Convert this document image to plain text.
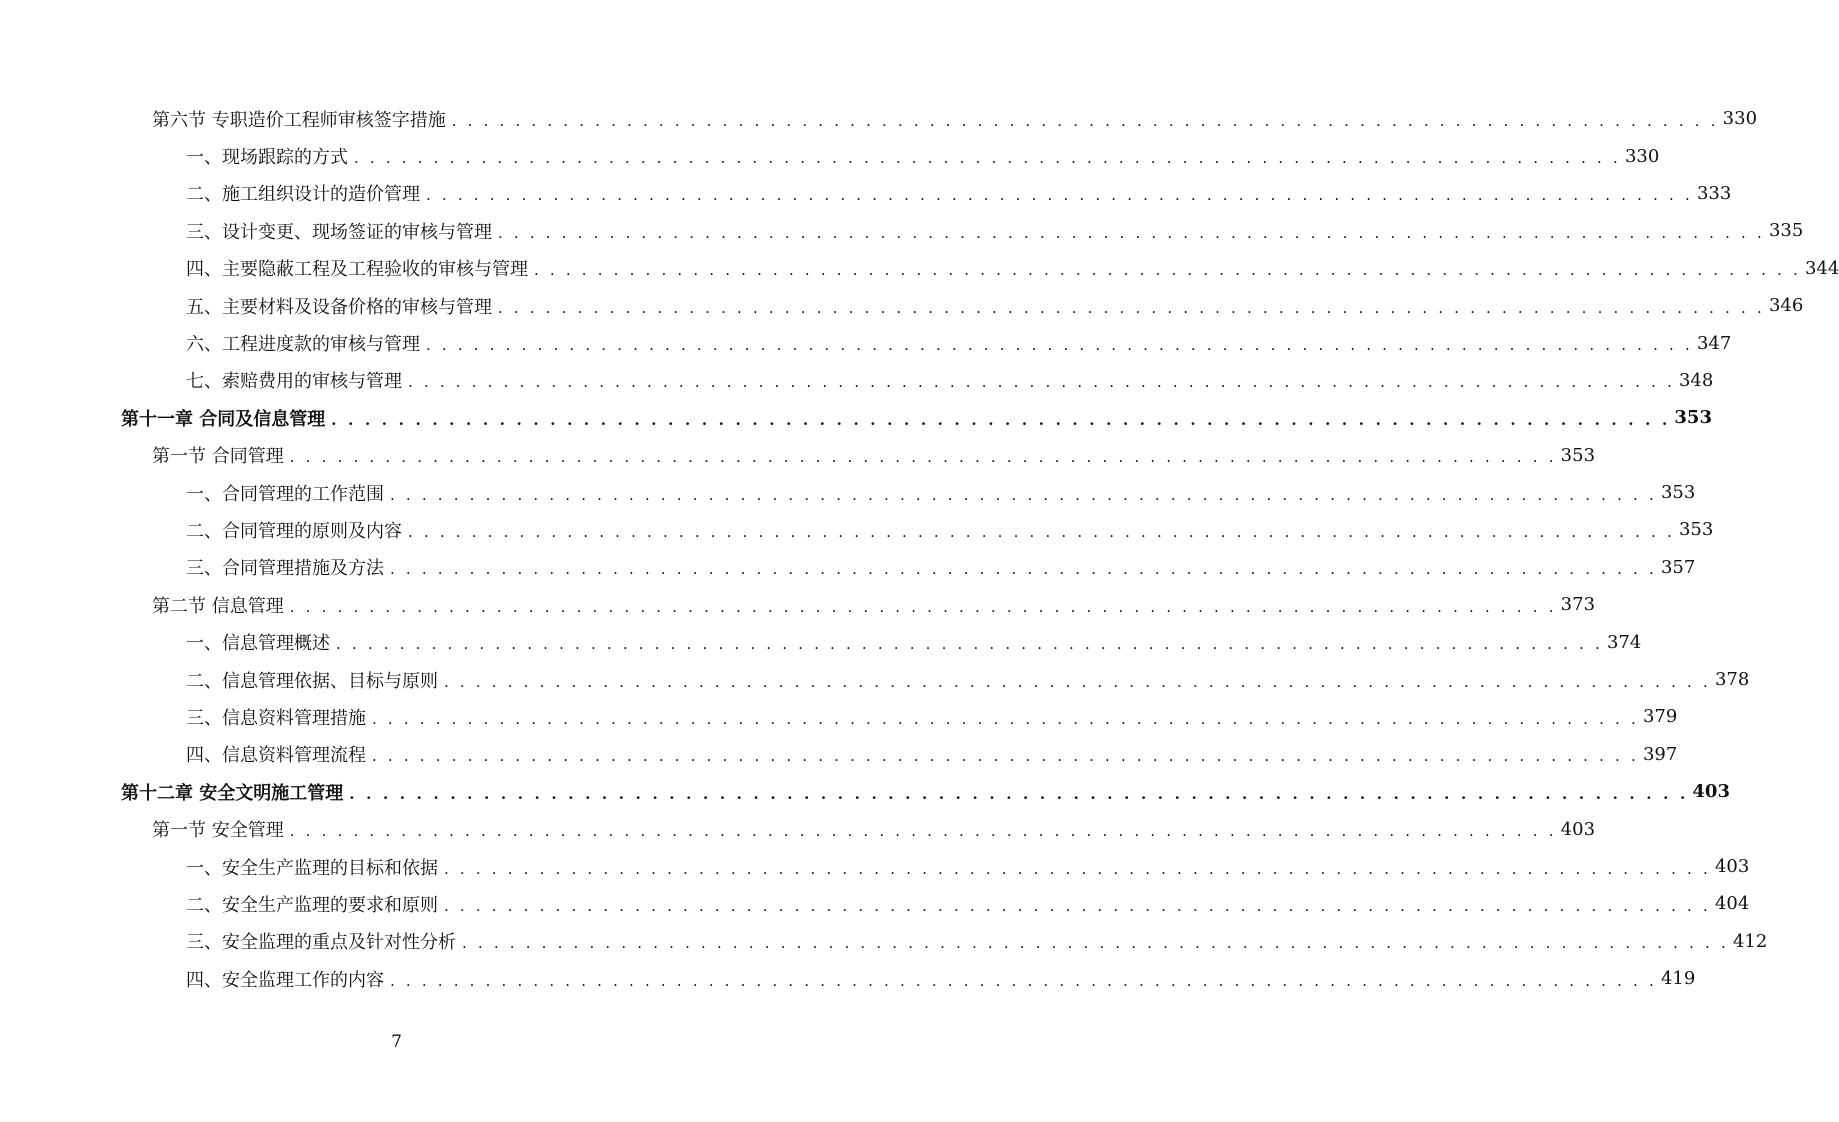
第六节 专职造价工程师审核签字措施 . . . . . . . . . . . . . . . . . . . . . . . . . . . . . . . . . . . . . . . . . . . . . . . . . . . . . . . . . . . . . . . . . . . . . . . . . . . . . . . . 330
一、现场跟踪的方式 . . . . . . . . . . . . . . . . . . . . . . . . . . . . . . . . . . . . . . . . . . . . . . . . . . . . . . . . . . . . . . . . . . . . . . . . . . . . . . . . 330
二、施工组织设计的造价管理 . . . . . . . . . . . . . . . . . . . . . . . . . . . . . . . . . . . . . . . . . . . . . . . . . . . . . . . . . . . . . . . . . . . . . . . . . . . . . . . . 333
三、设计变更、现场签证的审核与管理 . . . . . . . . . . . . . . . . . . . . . . . . . . . . . . . . . . . . . . . . . . . . . . . . . . . . . . . . . . . . . . . . . . . . . . . . . . . . . . . . 335
四、主要隐蔽工程及工程验收的审核与管理 . . . . . . . . . . . . . . . . . . . . . . . . . . . . . . . . . . . . . . . . . . . . . . . . . . . . . . . . . . . . . . . . . . . . . . . . . . . . . . . . 344
五、主要材料及设备价格的审核与管理 . . . . . . . . . . . . . . . . . . . . . . . . . . . . . . . . . . . . . . . . . . . . . . . . . . . . . . . . . . . . . . . . . . . . . . . . . . . . . . . . 346
六、工程进度款的审核与管理 . . . . . . . . . . . . . . . . . . . . . . . . . . . . . . . . . . . . . . . . . . . . . . . . . . . . . . . . . . . . . . . . . . . . . . . . . . . . . . . . 347
七、索赔费用的审核与管理 . . . . . . . . . . . . . . . . . . . . . . . . . . . . . . . . . . . . . . . . . . . . . . . . . . . . . . . . . . . . . . . . . . . . . . . . . . . . . . . . 348
第十一章 合同及信息管理 . . . . . . . . . . . . . . . . . . . . . . . . . . . . . . . . . . . . . . . . . . . . . . . . . . . . . . . . . . . . . . . . . . . . . . . . . . . . . . . . 353
第一节 合同管理 . . . . . . . . . . . . . . . . . . . . . . . . . . . . . . . . . . . . . . . . . . . . . . . . . . . . . . . . . . . . . . . . . . . . . . . . . . . . . . . . 353
一、合同管理的工作范围 . . . . . . . . . . . . . . . . . . . . . . . . . . . . . . . . . . . . . . . . . . . . . . . . . . . . . . . . . . . . . . . . . . . . . . . . . . . . . . . . 353
二、合同管理的原则及内容 . . . . . . . . . . . . . . . . . . . . . . . . . . . . . . . . . . . . . . . . . . . . . . . . . . . . . . . . . . . . . . . . . . . . . . . . . . . . . . . . 353
三、合同管理措施及方法 . . . . . . . . . . . . . . . . . . . . . . . . . . . . . . . . . . . . . . . . . . . . . . . . . . . . . . . . . . . . . . . . . . . . . . . . . . . . . . . . 357
第二节 信息管理 . . . . . . . . . . . . . . . . . . . . . . . . . . . . . . . . . . . . . . . . . . . . . . . . . . . . . . . . . . . . . . . . . . . . . . . . . . . . . . . . 373
一、信息管理概述 . . . . . . . . . . . . . . . . . . . . . . . . . . . . . . . . . . . . . . . . . . . . . . . . . . . . . . . . . . . . . . . . . . . . . . . . . . . . . . . . 374
二、信息管理依据、目标与原则 . . . . . . . . . . . . . . . . . . . . . . . . . . . . . . . . . . . . . . . . . . . . . . . . . . . . . . . . . . . . . . . . . . . . . . . . . . . . . . . . 378
三、信息资料管理措施 . . . . . . . . . . . . . . . . . . . . . . . . . . . . . . . . . . . . . . . . . . . . . . . . . . . . . . . . . . . . . . . . . . . . . . . . . . . . . . . . 379
四、信息资料管理流程 . . . . . . . . . . . . . . . . . . . . . . . . . . . . . . . . . . . . . . . . . . . . . . . . . . . . . . . . . . . . . . . . . . . . . . . . . . . . . . . . 397
第十二章 安全文明施工管理 . . . . . . . . . . . . . . . . . . . . . . . . . . . . . . . . . . . . . . . . . . . . . . . . . . . . . . . . . . . . . . . . . . . . . . . . . . . . . . . . 403
第一节 安全管理 . . . . . . . . . . . . . . . . . . . . . . . . . . . . . . . . . . . . . . . . . . . . . . . . . . . . . . . . . . . . . . . . . . . . . . . . . . . . . . . . 403
一、安全生产监理的目标和依据 . . . . . . . . . . . . . . . . . . . . . . . . . . . . . . . . . . . . . . . . . . . . . . . . . . . . . . . . . . . . . . . . . . . . . . . . . . . . . . . . 403
二、安全生产监理的要求和原则 . . . . . . . . . . . . . . . . . . . . . . . . . . . . . . . . . . . . . . . . . . . . . . . . . . . . . . . . . . . . . . . . . . . . . . . . . . . . . . . . 404
三、安全监理的重点及针对性分析 . . . . . . . . . . . . . . . . . . . . . . . . . . . . . . . . . . . . . . . . . . . . . . . . . . . . . . . . . . . . . . . . . . . . . . . . . . . . . . . . 412
四、安全监理工作的内容 . . . . . . . . . . . . . . . . . . . . . . . . . . . . . . . . . . . . . . . . . . . . . . . . . . . . . . . . . . . . . . . . . . . . . . . . . . . . . . . . 419
7
